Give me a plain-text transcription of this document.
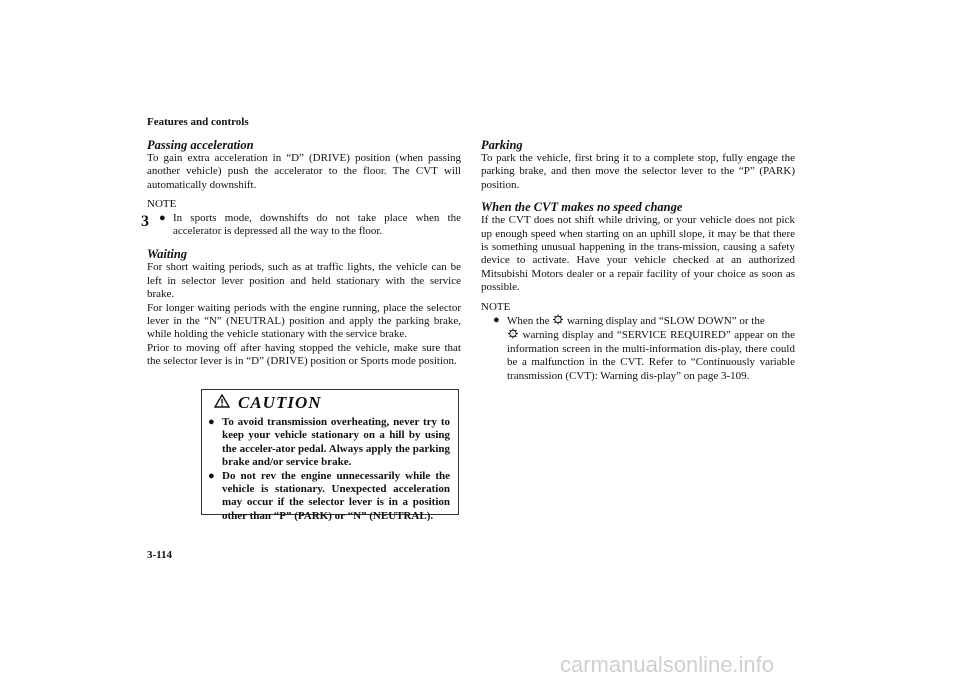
Features and controls
3

Passing acceleration

To gain extra acceleration in “D” (DRIVE) position (when passing another vehicle) push the accelerator to the floor. The CVT will automatically downshift.

NOTE

● In sports mode, downshifts do not take place when the accelerator is depressed all the way to the floor.

Waiting

For short waiting periods, such as at traffic lights, the vehicle can be left in selector lever position and held stationary with the service brake.

For longer waiting periods with the engine running, place the selector lever in the “N” (NEUTRAL) position and apply the parking brake, while holding the vehicle stationary with the service brake.

Prior to moving off after having stopped the vehicle, make sure that the selector lever is in “D” (DRIVE) position or Sports mode position.

CAUTION
● To avoid transmission overheating, never try to keep your vehicle stationary on a hill by using the acceler-ator pedal. Always apply the parking brake and/or service brake.
● Do not rev the engine unnecessarily while the vehicle is stationary. Unexpected acceleration may occur if the selector lever is in a position other than “P” (PARK) or “N” (NEUTRAL).

Parking

To park the vehicle, first bring it to a complete stop, fully engage the parking brake, and then move the selector lever to the “P” (PARK) position.

When the CVT makes no speed change

If the CVT does not shift while driving, or your vehicle does not pick up enough speed when starting on an uphill slope, it may be that there is something unusual happening in the trans-mission, causing a safety device to activate. Have your vehicle checked at an authorized Mitsubishi Motors dealer or a repair facility of your choice as soon as possible.

NOTE

● When the ! warning display and “SLOW DOWN” or the

! warning display and “SERVICE REQUIRED” appear on the information screen in the multi-information dis-play, there could be a malfunction in the CVT. Refer to “Continuously variable transmission (CVT): Warning dis-play” on page 3-109.
3-114
carmanualsonline.info
